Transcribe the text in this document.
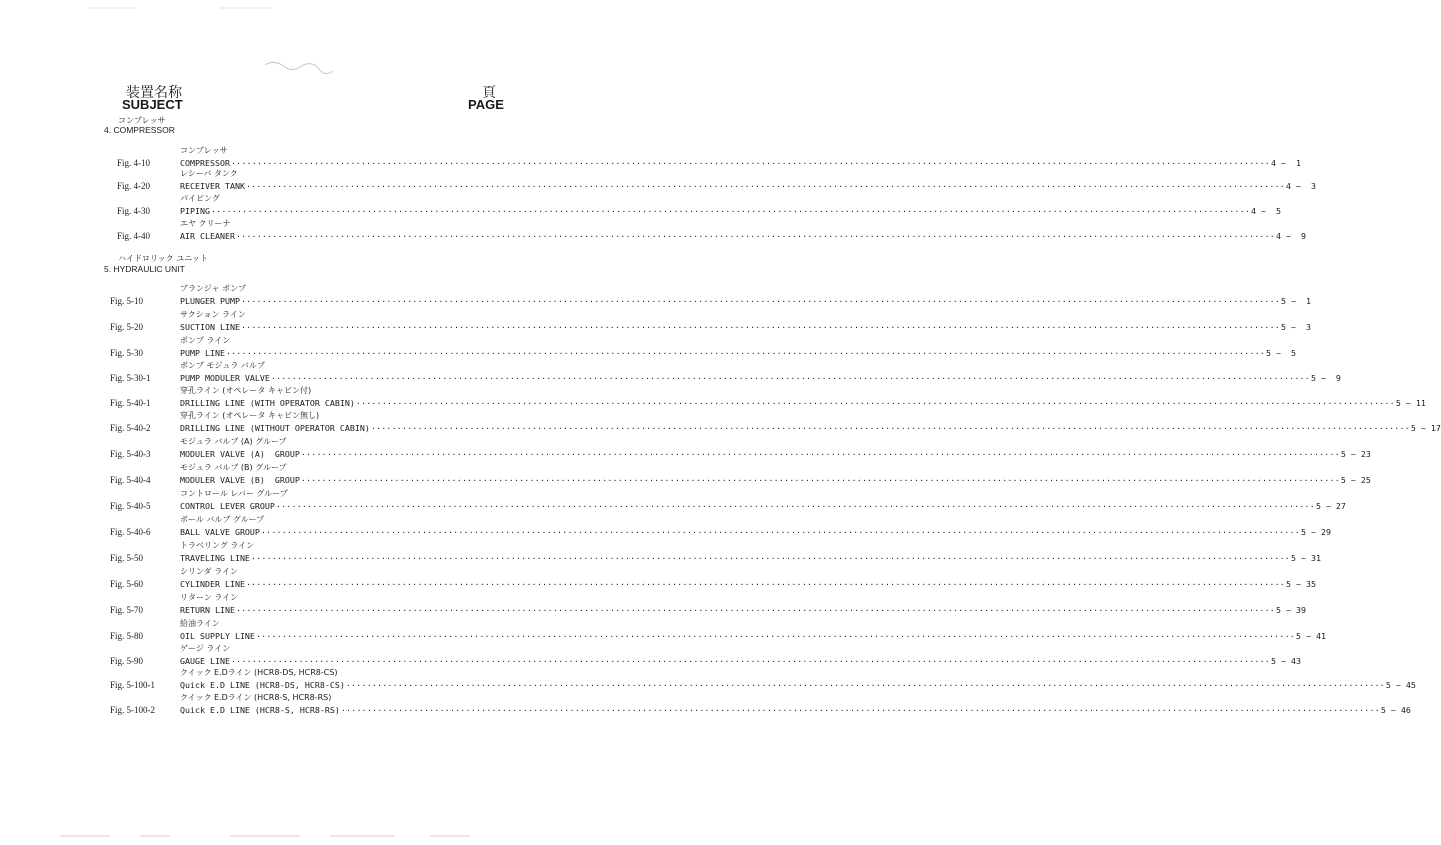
装置名称
SUBJECT
頁
PAGE
コンプレッサ
4. COMPRESSOR
Fig. 4-10
コンプレッサ
COMPRESSOR ········································································································································································································ 4 ~  1
Fig. 4-20
レシーバ タンク
RECEIVER TANK ········································································································································································································ 4 ~  3
Fig. 4-30
パイピング
PIPING ········································································································································································································ 4 ~  5
Fig. 4-40
エヤ クリーナ
AIR CLEANER ········································································································································································································ 4 ~  9
ハイドロリック ユニット
5. HYDRAULIC UNIT
Fig. 5-10
プランジャ ポンプ
PLUNGER PUMP ········································································································································································································ 5 ~  1
Fig. 5-20
サクション ライン
SUCTION LINE ········································································································································································································ 5 ~  3
Fig. 5-30
ポンプ ライン
PUMP LINE ········································································································································································································ 5 ~  5
Fig. 5-30-1
ポンプ モジュラ バルブ
PUMP MODULER VALVE ········································································································································································································ 5 ~  9
Fig. 5-40-1
穿孔ライン (オペレータ キャビン付)
DRILLING LINE (WITH OPERATOR CABIN) ········································································································································································································ 5 ~ 11
Fig. 5-40-2
穿孔ライン (オペレータ キャビン無し)
DRILLING LINE (WITHOUT OPERATOR CABIN) ········································································································································································································ 5 ~ 17
Fig. 5-40-3
モジュラ バルブ (A) グループ
MODULER VALVE (A)  GROUP ········································································································································································································ 5 ~ 23
Fig. 5-40-4
モジュラ バルブ (B) グループ
MODULER VALVE (B)  GROUP ········································································································································································································ 5 ~ 25
Fig. 5-40-5
コントロール レバー グループ
CONTROL LEVER GROUP ········································································································································································································ 5 ~ 27
Fig. 5-40-6
ボール バルブ グループ
BALL VALVE GROUP ········································································································································································································ 5 ~ 29
Fig. 5-50
トラベリング ライン
TRAVELING LINE ········································································································································································································ 5 ~ 31
Fig. 5-60
シリンダ ライン
CYLINDER LINE ········································································································································································································ 5 ~ 35
Fig. 5-70
リターン ライン
RETURN LINE ········································································································································································································ 5 ~ 39
Fig. 5-80
給油ライン
OIL SUPPLY LINE ········································································································································································································ 5 ~ 41
Fig. 5-90
ゲージ ライン
GAUGE LINE ········································································································································································································ 5 ~ 43
Fig. 5-100-1
クイック E.Dライン (HCR8-DS, HCR8-CS)
Quick E.D LINE (HCR8-DS, HCR8-CS) ········································································································································································································ 5 ~ 45
Fig. 5-100-2
クイック E.Dライン (HCR8-S, HCR8-RS)
Quick E.D LINE (HCR8-S, HCR8-RS) ········································································································································································································ 5 ~ 46
